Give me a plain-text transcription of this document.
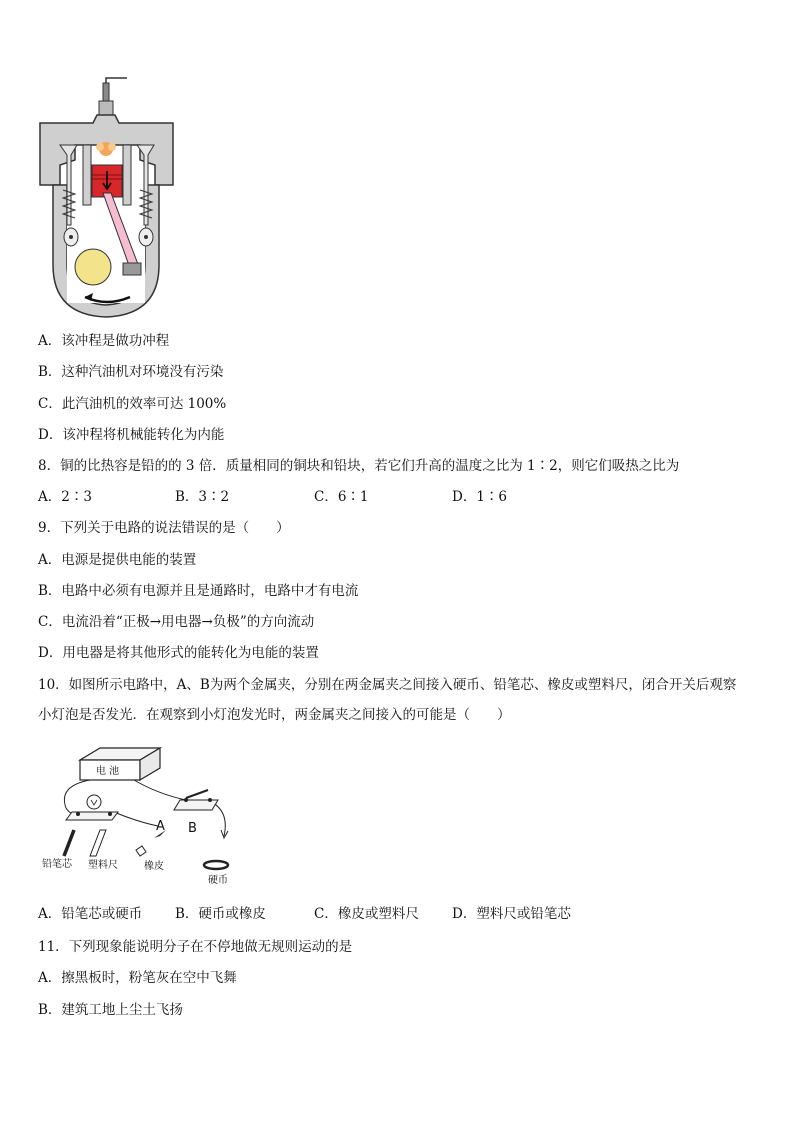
A．该冲程是做功冲程
B．这种汽油机对环境没有污染
C．此汽油机的效率可达 100%
D．该冲程将机械能转化为内能
8．铜的比热容是铅的的 3 倍．质量相同的铜块和铅块，若它们升高的温度之比为 1∶2，则它们吸热之比为
A．2∶3	B．3∶2	C．6∶1	D．1∶6
9．下列关于电路的说法错误的是（　　）
A．电源是提供电能的装置
B．电路中必须有电源并且是通路时，电路中才有电流
C．电流沿着“正极→用电器→负极”的方向流动
D．用电器是将其他形式的能转化为电能的装置
10．如图所示电路中，A、B为两个金属夹，分别在两金属夹之间接入硬币、铅笔芯、橡皮或塑料尺，闭合开关后观察
小灯泡是否发光．在观察到小灯泡发光时，两金属夹之间接入的可能是（　　）
电 池
A B
铅笔芯 塑料尺	橡皮
硬币
A．铅笔芯或硬币 B．硬币或橡皮	C．橡皮或塑料尺 D．塑料尺或铅笔芯
11．下列现象能说明分子在不停地做无规则运动的是
A．擦黑板时，粉笔灰在空中飞舞
B．建筑工地上尘土飞扬
